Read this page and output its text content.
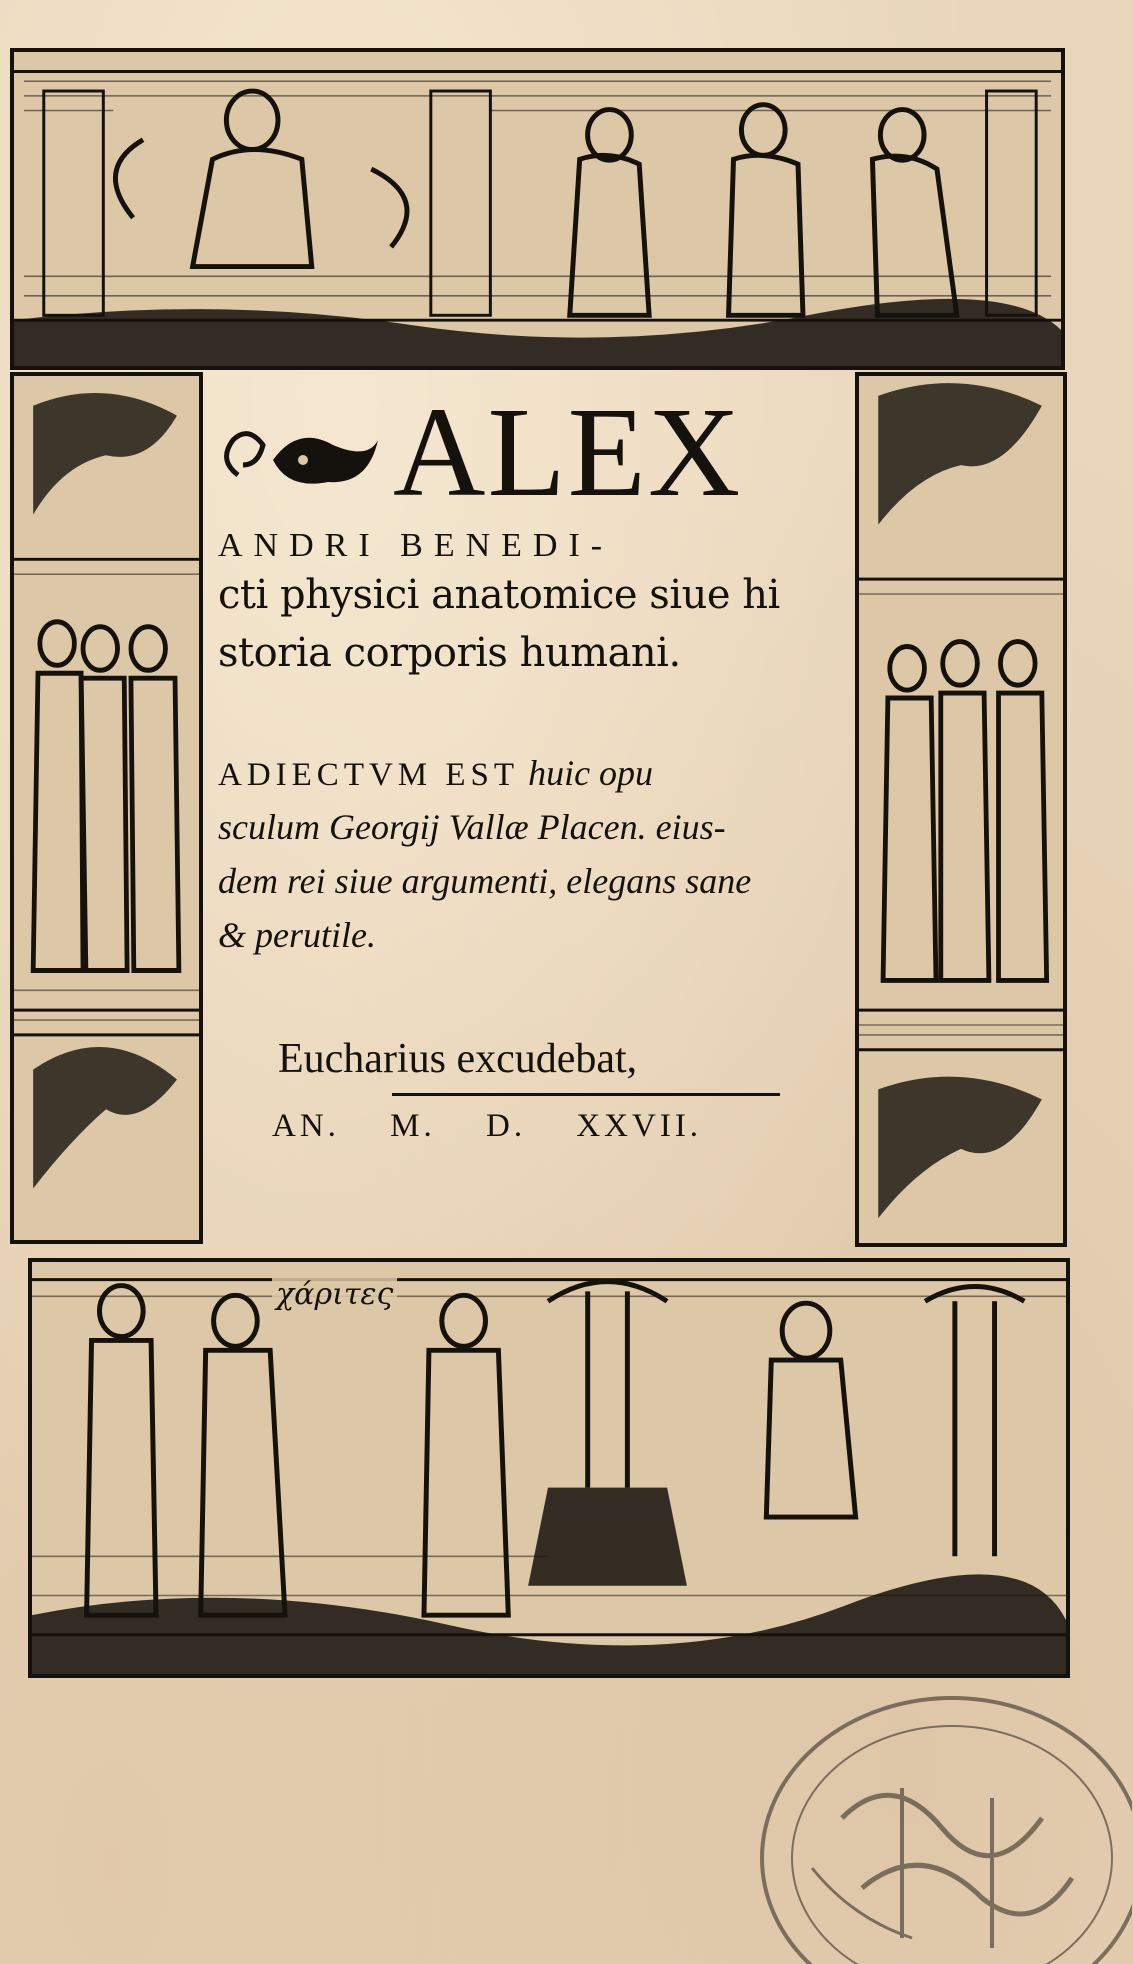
χάριτες
ALEX
ANDRI BENEDI-
cti physici anatomice siue hi
storia corporis humani.
ADIECTVM EST huic opu
sculum Georgij Vallæ Placen. eius-
dem rei siue argumenti, elegans sane
& perutile.
Eucharius excudebat,
AN. M. D. XXVII.
